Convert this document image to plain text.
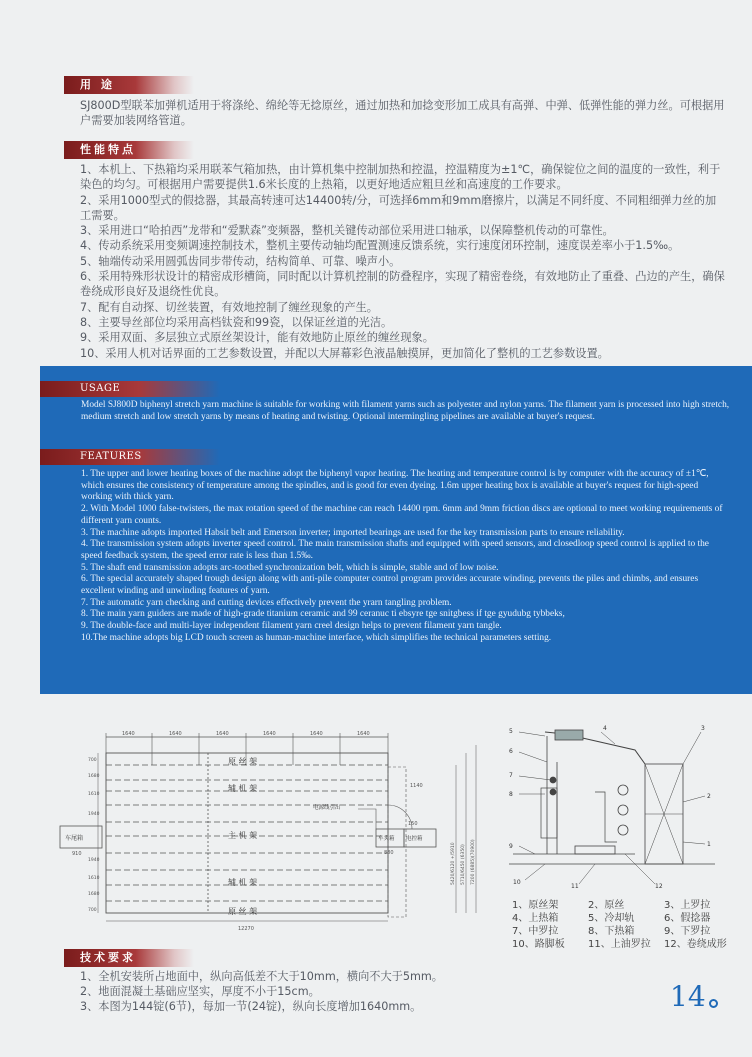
用 途

SJ800D型联苯加弹机适用于将涤纶、绵纶等无捻原丝，通过加热和加捻变形加工成具有高弹、中弹、低弹性能的弹力丝。可根据用户需要加装网络管道。

性能特点

1、本机上、下热箱均采用联苯气箱加热，由计算机集中控制加热和控温，控温精度为±1℃，确保锭位之间的温度的一致性，利于染色的均匀。可根据用户需要提供1.6米长度的上热箱，以更好地适应粗旦丝和高速度的工作要求。

2、采用1000型式的假捻器，其最高转速可达14400转/分，可选择6mm和9mm磨擦片，以满足不同纤度、不同粗细弹力丝的加工需要。

3、采用进口“哈拍西”龙带和“爱默森”变频器，整机关键传动部位采用进口轴承，以保障整机传动的可靠性。

4、传动系统采用变频调速控制技术，整机主要传动轴均配置测速反馈系统，实行速度闭环控制，速度误差率小于1.5‰。

5、轴端传动采用圆弧齿同步带传动，结构简单、可靠、噪声小。

6、采用特殊形状设计的精密成形槽筒，同时配以计算机控制的防叠程序，实现了精密卷绕，有效地防止了重叠、凸边的产生，确保卷绕成形良好及退绕性优良。

7、配有自动探、切丝装置，有效地控制了缠丝现象的产生。

8、主要导丝部位均采用高档钛瓷和99瓷，以保证丝道的光洁。

9、采用双面、多层独立式原丝架设计，能有效地防止原丝的缠丝现象。

10、采用人机对话界面的工艺参数设置，并配以大屏幕彩色液晶触摸屏，更加简化了整机的工艺参数设置。

USAGE

Model SJ800D biphenyl stretch yarn machine is suitable for working with filament yarns such as polyester and nylon yarns. The filament yarn is processed into high stretch, medium stretch and low stretch yarns by means of heating and twisting. Optional intermingling pipelines are available at buyer's request.

FEATURES

1. The upper and lower heating boxes of the machine adopt the biphenyl vapor heating. The heating and temperature control is by computer with the accuracy of ±1℃, which ensures the consistency of temperature among the spindles, and is good for even dyeing. 1.6m upper heating box is available at buyer's request for high-speed working with thick yarn.

2. With Model 1000 false-twisters, the max rotation speed of the machine can reach 14400 rpm. 6mm and 9mm friction discs are optional to meet working requirements of different yarn counts.

3. The machine adopts imported Habsit belt and Emerson inverter; imported bearings are used for the key transmission parts to ensure reliability.

4. The transmission system adopts inverter speed control. The main transmission shafts and equipped with speed sensors, and closedloop speed control is applied to the speed feedback system, the speed error rate is less than 1.5‰.

5. The shaft end transmission adopts arc-toothed synchronization belt, which is simple, stable and of low noise.

6. The special accurately shaped trough design along with anti-pile computer control program provides accurate winding, prevents the piles and chimbs, and ensures excellent winding and unwinding features of yarn.

7. The automatic yarn checking and cutting devices effectively prevent the yrarn tangling problem.

8. The main yarn guiders are made of high-grade titanium ceramic and 99 ceranuc ti ebsyre tge snitgbess if tge gyudubg tybbeks,

9. The double-face and multi-layer independent filament yarn creel design helps to prevent filament yarn tangle.

10.The machine adopts big LCD touch screen as human-machine interface, which simplifies the technical parameters setting.

1640	1640	1640	1640	1640	1640
原 丝 架
辅 机 架
主 机 架
辅 机 架
原 丝 架
车尾箱
910
700
1680
1610
1940
1940
1610
1680
700
车头箱 电控箱
电源线引出
150
880
1140
5420/6120 +/5910 5710/6450 (6350) 7200 (6885)(70900)
12270
5	4	3
6
7
8	2
1
9
10
11	12
1、原丝架	2、原丝	3、上罗拉
4、上热箱	5、冷却轨	6、假捻器
7、中罗拉	8、下热箱	9、下罗拉
10、路脚板	11、上油罗拉	12、卷绕成形
技术要求

1、全机安装所占地面中，纵向高低差不大于10mm，横向不大于5mm。

2、地面混凝土基础应坚实，厚度不小于15cm。

3、本图为144锭(6节)，每加一节(24锭)，纵向长度增加1640mm。	14
